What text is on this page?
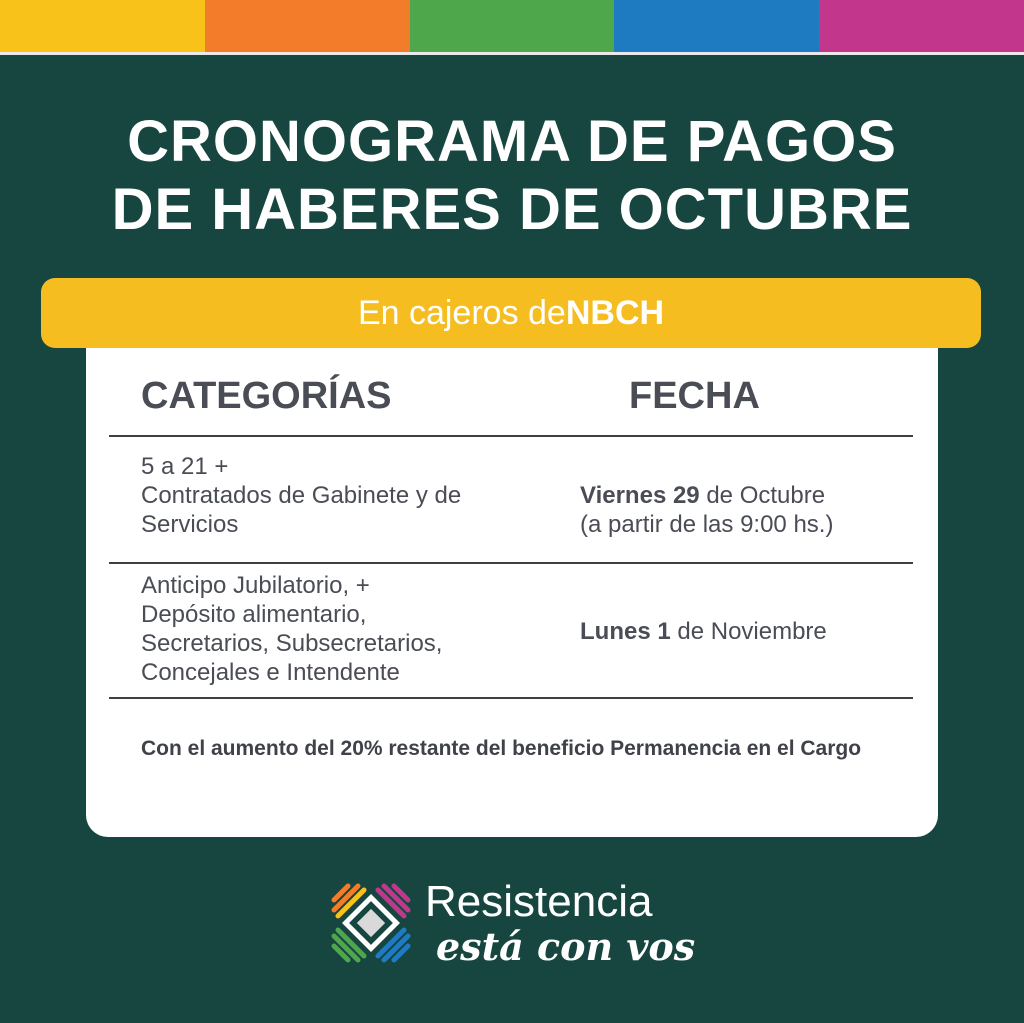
CRONOGRAMA DE PAGOS
DE HABERES DE OCTUBRE
En cajeros deNBCH
CATEGORÍAS	FECHA
5 a 21 +
Contratados de Gabinete y de
Servicios
Viernes 29 de Octubre
(a partir de las 9:00 hs.)
Anticipo Jubilatorio, +
Depósito alimentario,
Secretarios, Subsecretarios,
Concejales e Intendente
Lunes 1 de Noviembre
Con el aumento del 20% restante del beneficio Permanencia en el Cargo
Resistencia
está con vos
